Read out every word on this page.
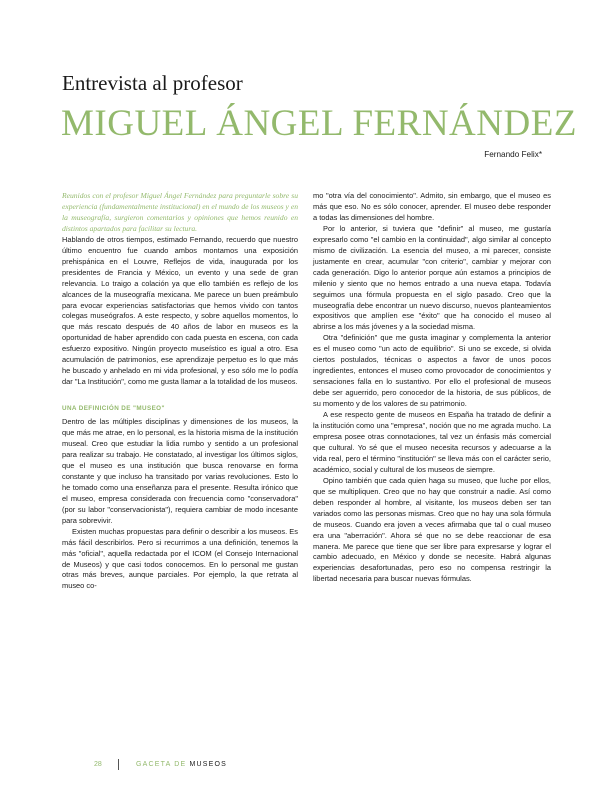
Entrevista al profesor
MIGUEL ÁNGEL FERNÁNDEZ
Fernando Felix*

Reunidos con el profesor Miguel Ángel Fernández para preguntarle sobre su experiencia (fundamentalmente institucional) en el mundo de los museos y en la museografía, surgieron comentarios y opiniones que hemos reunido en distintos apartados para facilitar su lectura.

Hablando de otros tiempos, estimado Fernando, recuerdo que nuestro último encuentro fue cuando ambos montamos una exposición prehispánica en el Louvre, Reflejos de vida, inaugurada por los presidentes de Francia y México, un evento y una sede de gran relevancia. Lo traigo a colación ya que ello también es reflejo de los alcances de la museografía mexicana. Me parece un buen preámbulo para evocar experiencias satisfactorias que hemos vivido con tantos colegas museógrafos. A este respecto, y sobre aquellos momentos, lo que más rescato después de 40 años de labor en museos es la oportunidad de haber aprendido con cada puesta en escena, con cada esfuerzo expositivo. Ningún proyecto museístico es igual a otro. Esa acumulación de patrimonios, ese aprendizaje perpetuo es lo que más he buscado y anhelado en mi vida profesional, y eso sólo me lo podía dar "La Institución", como me gusta llamar a la totalidad de los museos.

UNA DEFINICIÓN DE "MUSEO"

Dentro de las múltiples disciplinas y dimensiones de los museos, la que más me atrae, en lo personal, es la historia misma de la institución museal. Creo que estudiar la lidia rumbo y sentido a un profesional para realizar su trabajo. He constatado, al investigar los últimos siglos, que el museo es una institución que busca renovarse en forma constante y que incluso ha transitado por varias revoluciones. Esto lo he tomado como una enseñanza para el presente. Resulta irónico que el museo, empresa considerada con frecuencia como "conservadora" (por su labor "conservacionista"), requiera cambiar de modo incesante para sobrevivir.

Existen muchas propuestas para definir o describir a los museos. Es más fácil describirlos. Pero si recurrimos a una definición, tenemos la más "oficial", aquella redactada por el ICOM (el Consejo Internacional de Museos) y que casi todos conocemos. En lo personal me gustan otras más breves, aunque parciales. Por ejemplo, la que retrata al museo co-

mo "otra vía del conocimiento". Admito, sin embargo, que el museo es más que eso. No es sólo conocer, aprender. El museo debe responder a todas las dimensiones del hombre.

Por lo anterior, si tuviera que "definir" al museo, me gustaría expresarlo como "el cambio en la continuidad", algo similar al concepto mismo de civilización. La esencia del museo, a mi parecer, consiste justamente en crear, acumular "con criterio", cambiar y mejorar con cada generación. Digo lo anterior porque aún estamos a principios de milenio y siento que no hemos entrado a una nueva etapa. Todavía seguimos una fórmula propuesta en el siglo pasado. Creo que la museografía debe encontrar un nuevo discurso, nuevos planteamientos expositivos que amplíen ese "éxito" que ha conocido el museo al abrirse a los más jóvenes y a la sociedad misma.

Otra "definición" que me gusta imaginar y complementa la anterior es el museo como "un acto de equilibrio". Si uno se excede, si olvida ciertos postulados, técnicas o aspectos a favor de unos pocos ingredientes, entonces el museo como provocador de conocimientos y sensaciones falla en lo sustantivo. Por ello el profesional de museos debe ser aguerrido, pero conocedor de la historia, de sus públicos, de su momento y de los valores de su patrimonio.

A ese respecto gente de museos en España ha tratado de definir a la institución como una "empresa", noción que no me agrada mucho. La empresa posee otras connotaciones, tal vez un énfasis más comercial que cultural. Yo sé que el museo necesita recursos y adecuarse a la vida real, pero el término "institución" se lleva más con el carácter serio, académico, social y cultural de los museos de siempre.

Opino también que cada quien haga su museo, que luche por ellos, que se multipliquen. Creo que no hay que construir a nadie. Así como deben responder al hombre, al visitante, los museos deben ser tan variados como las personas mismas. Creo que no hay una sola fórmula de museos. Cuando era joven a veces afirmaba que tal o cual museo era una "aberración". Ahora sé que no se debe reaccionar de esa manera. Me parece que tiene que ser libre para expresarse y lograr el cambio adecuado, en México y donde se necesite. Habrá algunas experiencias desafortunadas, pero eso no compensa restringir la libertad necesaria para buscar nuevas fórmulas.

28	GACETA DE MUSEOS
